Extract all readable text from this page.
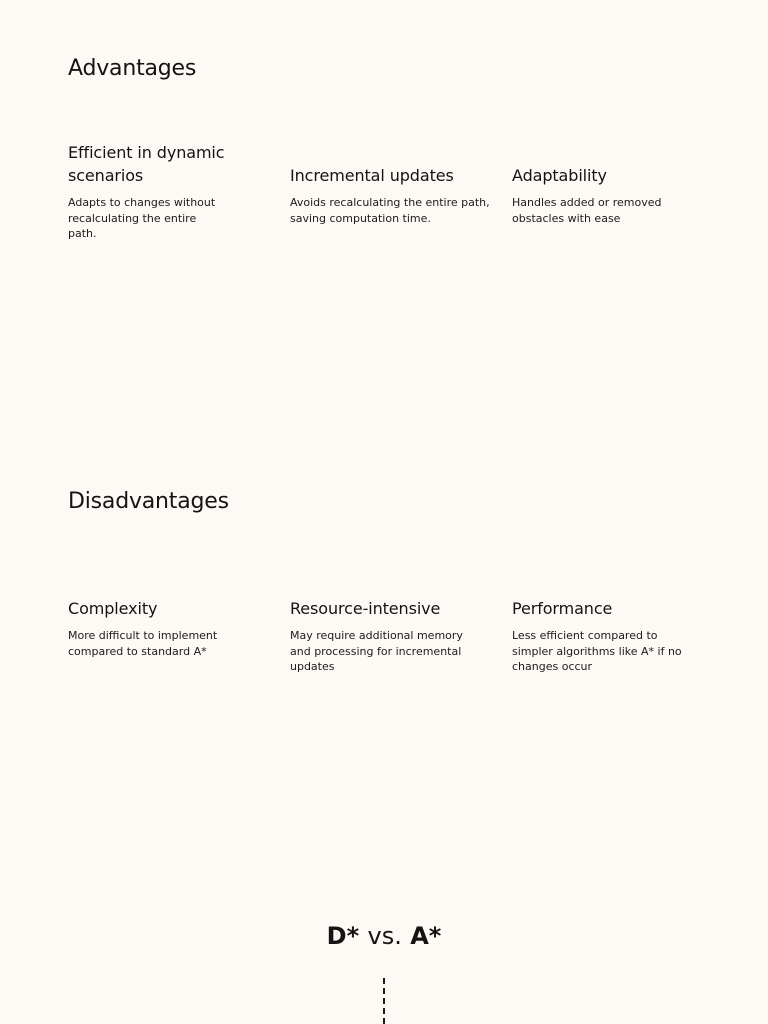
Advantages
Efficient in dynamic scenarios

Adapts to changes without recalculating the entire path.

Incremental updates

Avoids recalculating the entire path, saving computation time.

Adaptability

Handles added or removed obstacles with ease

Disadvantages
Complexity

More difficult to implement compared to standard A*

Resource-intensive

May require additional memory and processing for incremental updates

Performance

Less efficient compared to simpler algorithms like A* if no changes occur

D* vs. A*
